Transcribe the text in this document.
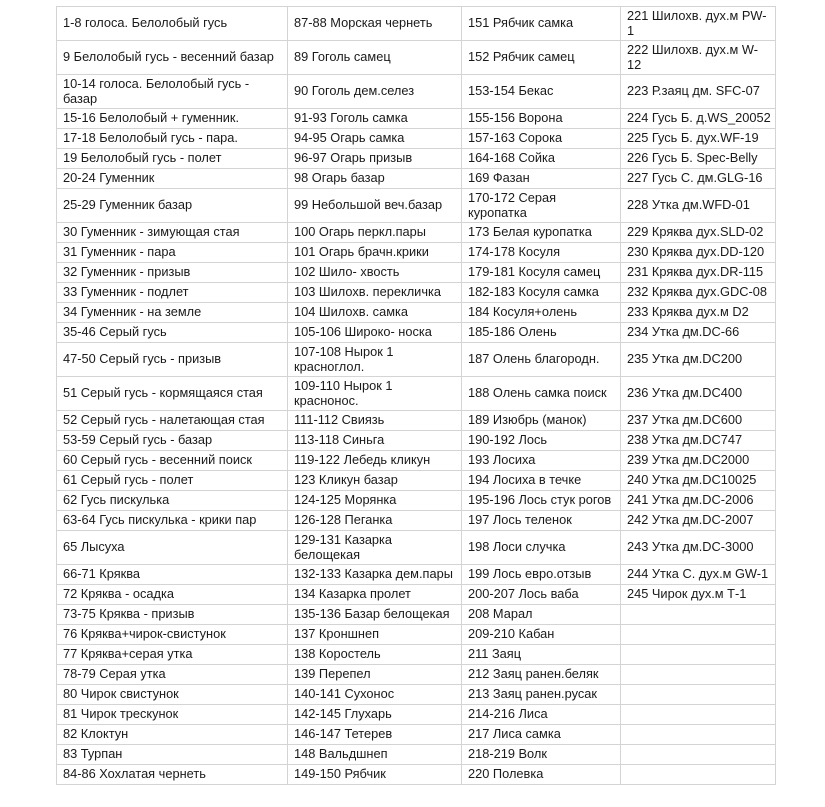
1-8 голоса. Белолобый гусь	87-88 Морская чернеть	151 Рябчик самка	221 Шилохв. дух.м PW-1
9 Белолобый гусь - весенний базар	89 Гоголь самец	152 Рябчик самец	222 Шилохв. дух.м W-12
10-14 голоса. Белолобый гусь - базар	90 Гоголь дем.селез	153-154 Бекас	223 Р.заяц дм. SFC-07
15-16 Белолобый + гуменник.	91-93 Гоголь самка	155-156 Ворона	224 Гусь Б. д.WS_20052
17-18 Белолобый гусь - пара.	94-95 Огарь самка	157-163 Сорока	225 Гусь Б. дух.WF-19
19 Белолобый гусь - полет	96-97 Огарь призыв	164-168 Сойка	226 Гусь Б. Spec-Belly
20-24 Гуменник	98 Огарь базар	169 Фазан	227 Гусь С. дм.GLG-16
25-29 Гуменник базар	99 Небольшой веч.базар	170-172 Серая куропатка	228 Утка дм.WFD-01
30 Гуменник - зимующая стая	100 Огарь перкл.пары	173 Белая куропатка	229 Кряква дух.SLD-02
31 Гуменник - пара	101 Огарь брачн.крики	174-178 Косуля	230 Кряква дух.DD-120
32 Гуменник - призыв	102 Шило- хвость	179-181 Косуля самец	231 Кряква дух.DR-115
33 Гуменник - подлет	103 Шилохв. перекличка	182-183 Косуля самка	232 Кряква дух.GDC-08
34 Гуменник - на земле	104 Шилохв. самка	184 Косуля+олень	233 Кряква дух.м D2
35-46 Серый гусь	105-106 Широко- носка	185-186 Олень	234 Утка дм.DC-66
47-50 Серый гусь - призыв	107-108 Нырок 1 красноглол.	187 Олень благородн.	235 Утка дм.DC200
51 Серый гусь - кормящаяся стая	109-110 Нырок 1 красноноc.	188 Олень самка поиск	236 Утка дм.DC400
52 Серый гусь - налетающая стая	111-112 Свиязь	189 Изюбрь (манок)	237 Утка дм.DC600
53-59 Серый гусь - базар	113-118 Синьга	190-192 Лось	238 Утка дм.DC747
60 Серый гусь - весенний поиск	119-122 Лебедь кликун	193 Лосиха	239 Утка дм.DC2000
61 Серый гусь - полет	123 Кликун базар	194 Лосиха в течке	240 Утка дм.DC10025
62 Гусь пискулька	124-125 Морянка	195-196 Лось стук рогов	241 Утка дм.DC-2006
63-64 Гусь пискулька - крики пар	126-128 Пеганка	197 Лось теленок	242 Утка дм.DC-2007
65 Лысуха	129-131 Казарка белощекая	198 Лоси случка	243 Утка дм.DC-3000
66-71 Кряква	132-133 Казарка дем.пары	199 Лось евро.отзыв	244 Утка С. дух.м GW-1
72 Кряква - осадка	134 Казарка пролет	200-207 Лось ваба	245 Чирок дух.м Т-1
73-75 Кряква - призыв	135-136 Базар белощекая	208 Марал	
76 Кряква+чирок-свистунок	137 Кроншнеп	209-210 Кабан	
77 Кряква+серая утка	138 Коростель	211 Заяц	
78-79 Серая утка	139 Перепел	212 Заяц ранен.беляк	
80 Чирок свистунок	140-141 Сухонос	213 Заяц ранен.русак	
81 Чирок трескунок	142-145 Глухарь	214-216 Лиса	
82 Клоктун	146-147 Тетерев	217 Лиса самка	
83 Турпан	148 Вальдшнеп	218-219 Волк	
84-86 Хохлатая чернеть	149-150 Рябчик	220 Полевка	
